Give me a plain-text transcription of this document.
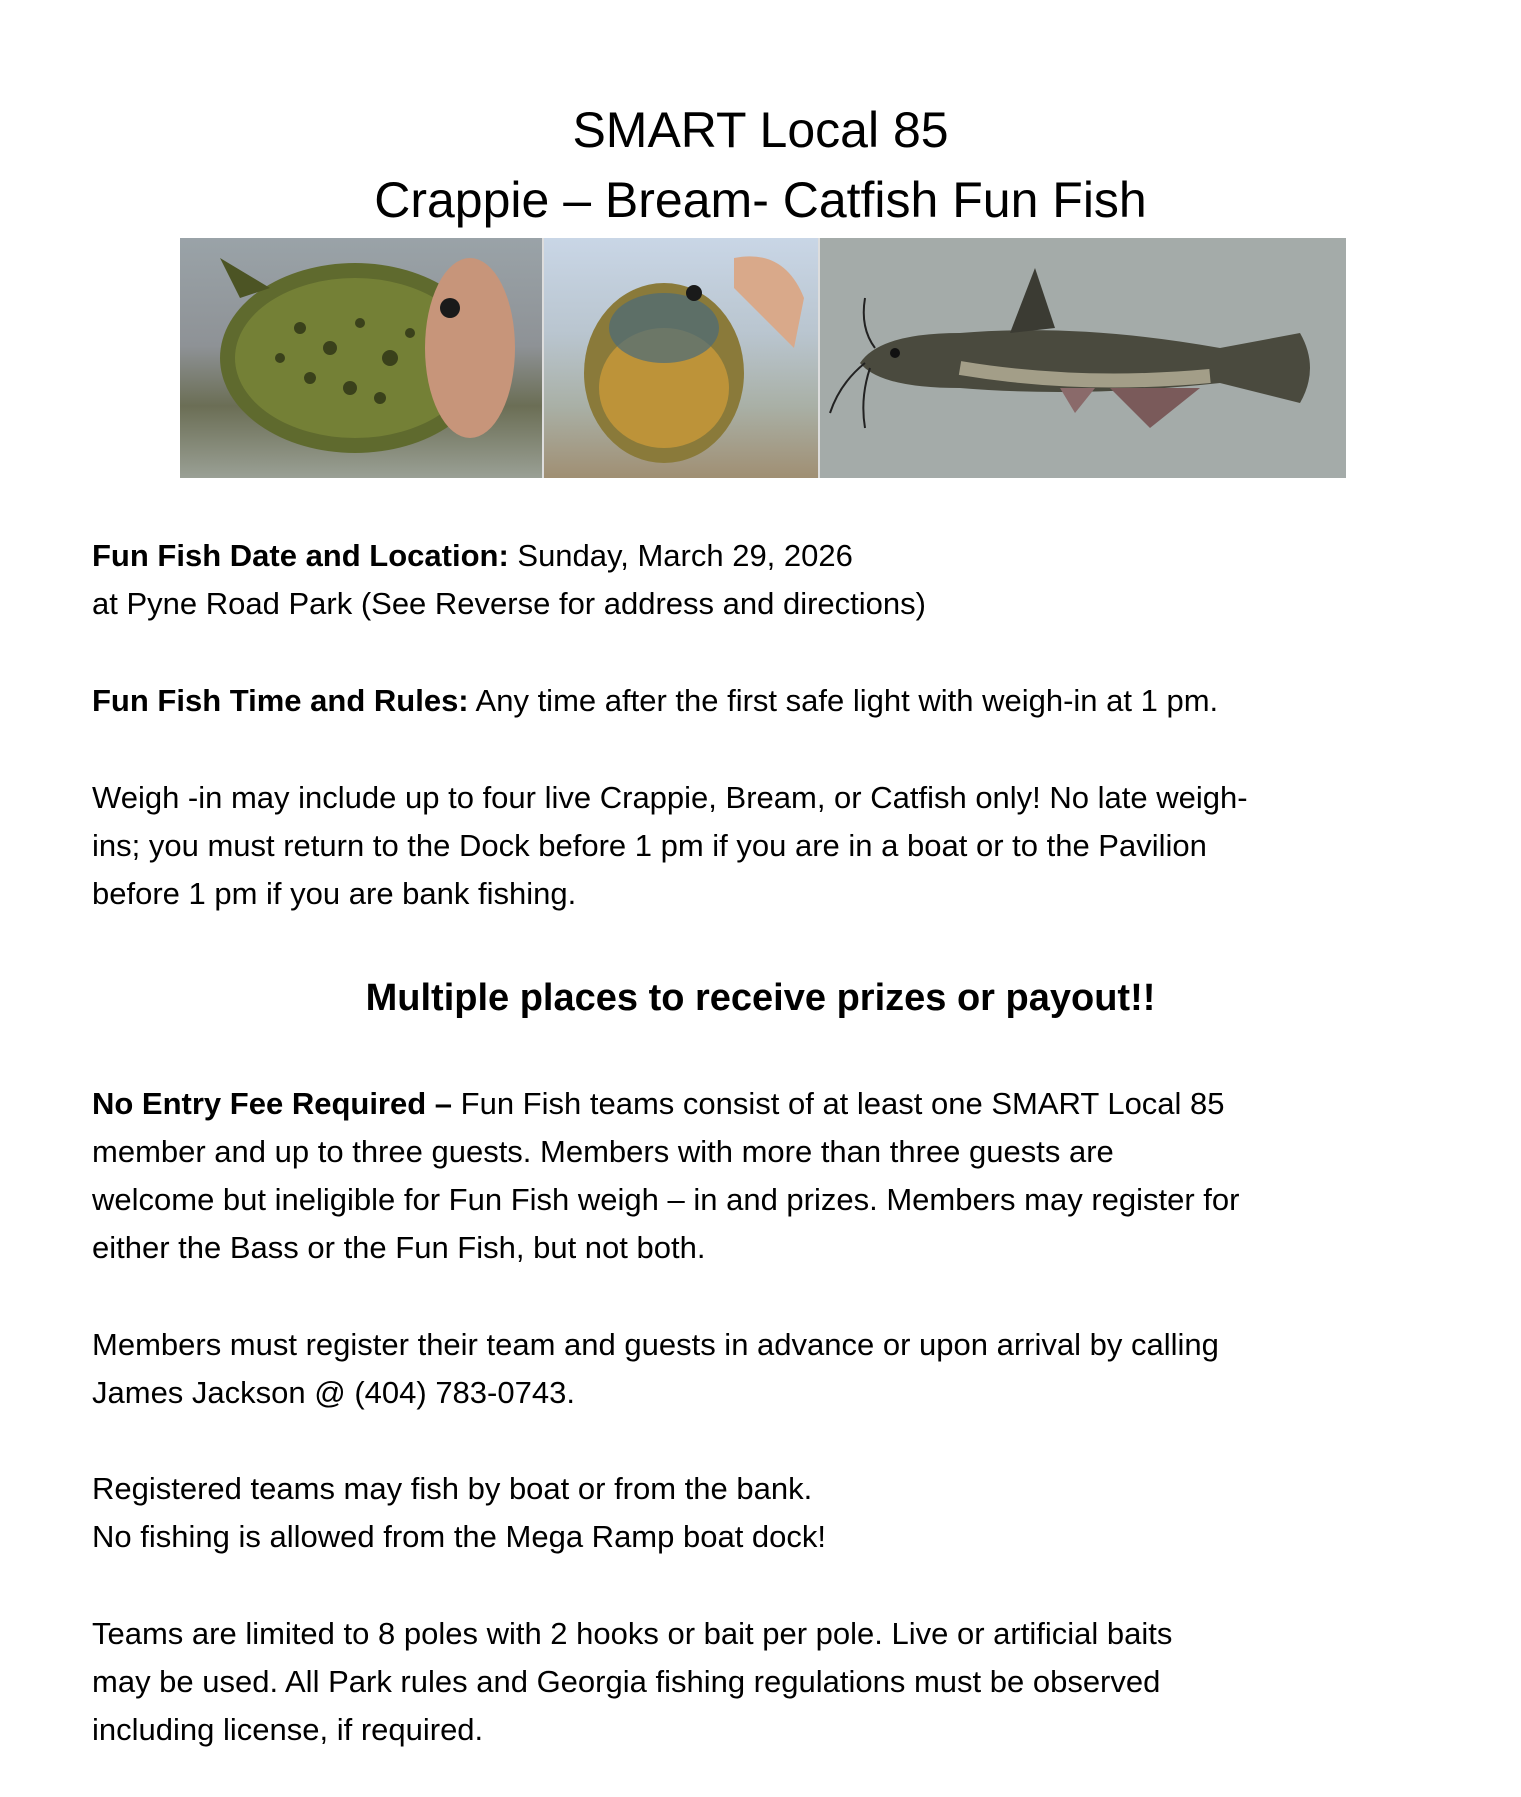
SMART Local 85
Crappie – Bream- Catfish Fun Fish
Fun Fish Date and Location: Sunday, March 29, 2026
at Pyne Road Park (See Reverse for address and directions)
Fun Fish Time and Rules: Any time after the first safe light with weigh-in at 1 pm.
Weigh -in may include up to four live Crappie, Bream, or Catfish only! No late weigh-
ins; you must return to the Dock before 1 pm if you are in a boat or to the Pavilion
before 1 pm if you are bank fishing.
Multiple places to receive prizes or payout!!
No Entry Fee Required – Fun Fish teams consist of at least one SMART Local 85
member and up to three guests. Members with more than three guests are
welcome but ineligible for Fun Fish weigh – in and prizes. Members may register for
either the Bass or the Fun Fish, but not both.
Members must register their team and guests in advance or upon arrival by calling
James Jackson @ (404) 783-0743.
Registered teams may fish by boat or from the bank.
No fishing is allowed from the Mega Ramp boat dock!
Teams are limited to 8 poles with 2 hooks or bait per pole. Live or artificial baits
may be used. All Park rules and Georgia fishing regulations must be observed
including license, if required.
